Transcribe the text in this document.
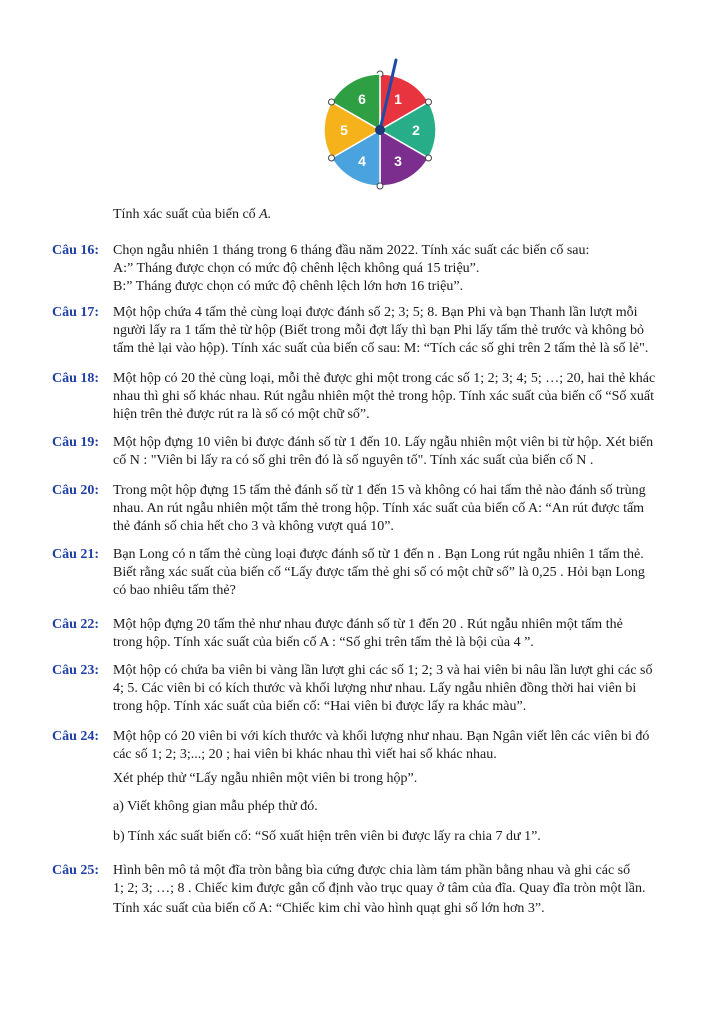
1
2
3
4
5
6
Tính xác suất của biến cố A.
Câu 16: Chọn ngẫu nhiên 1 tháng trong 6 tháng đầu năm 2022. Tính xác suất các biến cố sau:
A:” Tháng được chọn có mức độ chênh lệch không quá 15 triệu”.
B:” Tháng được chọn có mức độ chênh lệch lớn hơn 16 triệu”.
Câu 17: Một hộp chứa 4 tấm thẻ cùng loại được đánh số 2; 3; 5; 8. Bạn Phi và bạn Thanh lần lượt mỗi
người lấy ra 1 tấm thẻ từ hộp (Biết trong mỗi đợt lấy thì bạn Phi lấy tấm thẻ trước và không bỏ
tấm thẻ lại vào hộp). Tính xác suất của biến cố sau: M: “Tích các số ghi trên 2 tấm thẻ là số lẻ".
Câu 18: Một hộp có 20 thẻ cùng loại, mỗi thẻ được ghi một trong các số 1; 2; 3; 4; 5; …; 20, hai thẻ khác
nhau thì ghi số khác nhau. Rút ngẫu nhiên một thẻ trong hộp. Tính xác suất của biến cố “Số xuất
hiện trên thẻ được rút ra là số có một chữ số”.
Câu 19: Một hộp đựng 10 viên bi được đánh số từ 1 đến 10. Lấy ngẫu nhiên một viên bi từ hộp. Xét biến
cố N : "Viên bi lấy ra có số ghi trên đó là số nguyên tố". Tính xác suất của biến cố N .
Câu 20: Trong một hộp đựng 15 tấm thẻ đánh số từ 1 đến 15 và không có hai tấm thẻ nào đánh số trùng
nhau. An rút ngẫu nhiên một tấm thẻ trong hộp. Tính xác suất của biến cố A: “An rút được tấm
thẻ đánh số chia hết cho 3 và không vượt quá 10”.
Câu 21: Bạn Long có n tấm thẻ cùng loại được đánh số từ 1 đến n . Bạn Long rút ngẫu nhiên 1 tấm thẻ.
Biết rằng xác suất của biến cố “Lấy được tấm thẻ ghi số có một chữ số” là 0,25 . Hỏi bạn Long
có bao nhiêu tấm thẻ?
Câu 22: Một hộp đựng 20 tấm thẻ như nhau được đánh số từ 1 đến 20 . Rút ngẫu nhiên một tấm thẻ
trong hộp. Tính xác suất của biến cố A : “Số ghi trên tấm thẻ là bội của 4 ”.
Câu 23: Một hộp có chứa ba viên bi vàng lần lượt ghi các số 1; 2; 3 và hai viên bi nâu lần lượt ghi các số
4; 5. Các viên bi có kích thước và khối lượng như nhau. Lấy ngẫu nhiên đồng thời hai viên bi
trong hộp. Tính xác suất của biến cố: “Hai viên bi được lấy ra khác màu”.
Câu 24: Một hộp có 20 viên bi với kích thước và khối lượng như nhau. Bạn Ngân viết lên các viên bi đó
các số 1; 2; 3;...; 20 ; hai viên bi khác nhau thì viết hai số khác nhau.
Xét phép thử “Lấy ngẫu nhiên một viên bi trong hộp”.
a) Viết không gian mẫu phép thử đó.
b) Tính xác suất biến cố: “Số xuất hiện trên viên bi được lấy ra chia 7 dư 1”.
Câu 25: Hình bên mô tả một đĩa tròn bằng bìa cứng được chia làm tám phần bằng nhau và ghi các số
1; 2; 3; …; 8 . Chiếc kim được gắn cố định vào trục quay ở tâm của đĩa. Quay đĩa tròn một lần.
Tính xác suất của biến cố A: “Chiếc kim chỉ vào hình quạt ghi số lớn hơn 3”.
